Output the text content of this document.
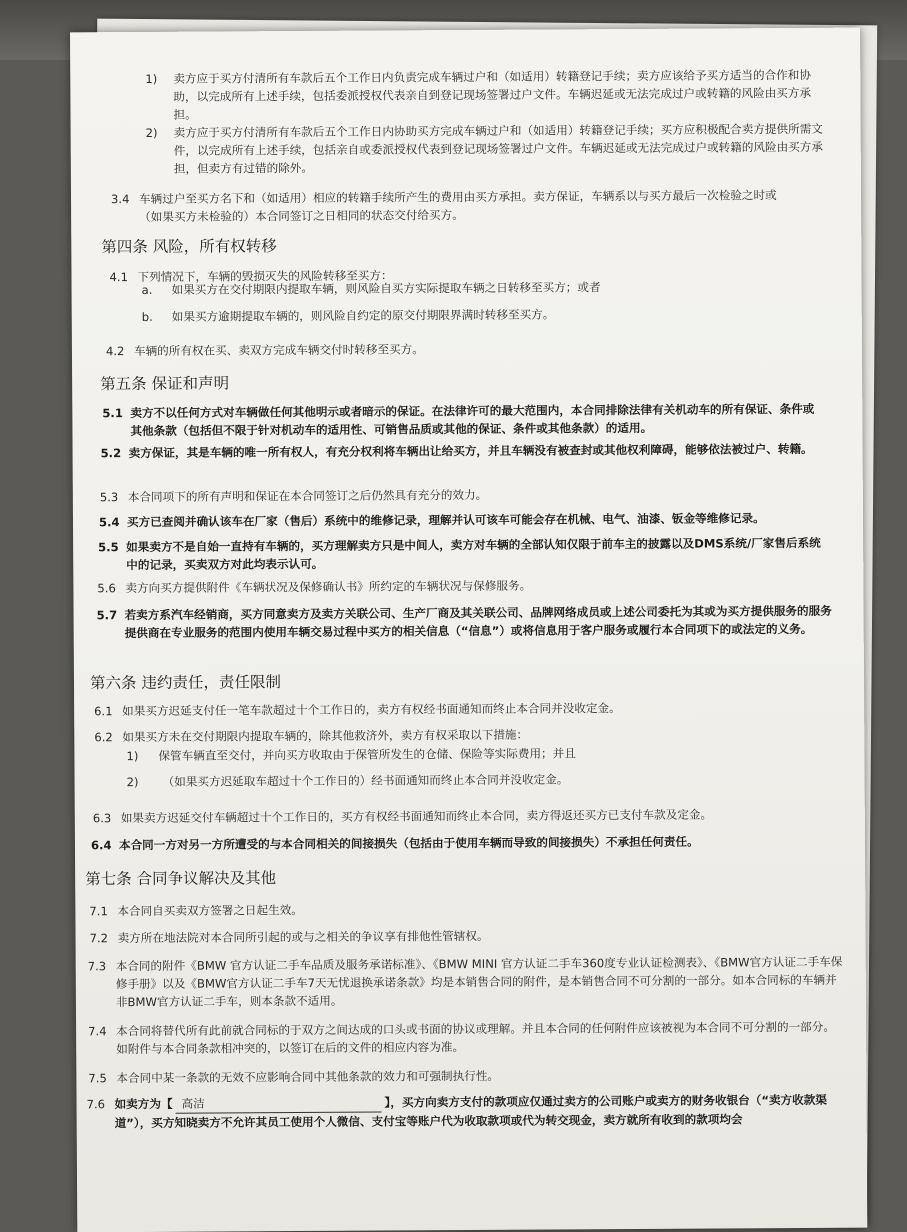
1) 卖方应于买方付清所有车款后五个工作日内负责完成车辆过户和（如适用）转籍登记手续；卖方应该给予买方适当的合作和协助，以完成所有上述手续，包括委派授权代表亲自到登记现场签署过户文件。车辆迟延或无法完成过户或转籍的风险由买方承担。
2) 卖方应于买方付清所有车款后五个工作日内协助买方完成车辆过户和（如适用）转籍登记手续；买方应积极配合卖方提供所需文件，以完成所有上述手续，包括亲自或委派授权代表到登记现场签署过户文件。车辆迟延或无法完成过户或转籍的风险由买方承担，但卖方有过错的除外。
3.4 车辆过户至买方名下和（如适用）相应的转籍手续所产生的费用由买方承担。卖方保证，车辆系以与买方最后一次检验之时或（如果买方未检验的）本合同签订之日相同的状态交付给买方。
第四条 风险，所有权转移
4.1 下列情况下，车辆的毁损灭失的风险转移至买方：
a. 如果买方在交付期限内提取车辆，则风险自买方实际提取车辆之日转移至买方；或者
b. 如果买方逾期提取车辆的，则风险自约定的原交付期限界满时转移至买方。
4.2 车辆的所有权在买、卖双方完成车辆交付时转移至买方。
第五条 保证和声明
5.1 卖方不以任何方式对车辆做任何其他明示或者暗示的保证。在法律许可的最大范围内，本合同排除法律有关机动车的所有保证、条件或其他条款（包括但不限于针对机动车的适用性、可销售品质或其他的保证、条件或其他条款）的适用。
5.2 卖方保证，其是车辆的唯一所有权人，有充分权利将车辆出让给买方，并且车辆没有被查封或其他权利障碍，能够依法被过户、转籍。
5.3 本合同项下的所有声明和保证在本合同签订之后仍然具有充分的效力。
5.4 买方已查阅并确认该车在厂家（售后）系统中的维修记录，理解并认可该车可能会存在机械、电气、油漆、钣金等维修记录。
5.5 如果卖方不是自始一直持有车辆的，买方理解卖方只是中间人，卖方对车辆的全部认知仅限于前车主的披露以及DMS系统/厂家售后系统中的记录，买卖双方对此均表示认可。
5.6 卖方向买方提供附件《车辆状况及保修确认书》所约定的车辆状况与保修服务。
5.7 若卖方系汽车经销商，买方同意卖方及卖方关联公司、生产厂商及其关联公司、品牌网络成员或上述公司委托为其或为买方提供服务的服务提供商在专业服务的范围内使用车辆交易过程中买方的相关信息（“信息”）或将信息用于客户服务或履行本合同项下的或法定的义务。
第六条 违约责任，责任限制
6.1 如果买方迟延支付任一笔车款超过十个工作日的，卖方有权经书面通知而终止本合同并没收定金。
6.2 如果买方未在交付期限内提取车辆的，除其他救济外，卖方有权采取以下措施：
1) 保管车辆直至交付，并向买方收取由于保管所发生的仓储、保险等实际费用；并且
2) （如果买方迟延取车超过十个工作日的）经书面通知而终止本合同并没收定金。
6.3 如果卖方迟延交付车辆超过十个工作日的，买方有权经书面通知而终止本合同，卖方得返还买方已支付车款及定金。
6.4 本合同一方对另一方所遭受的与本合同相关的间接损失（包括由于使用车辆而导致的间接损失）不承担任何责任。
第七条 合同争议解决及其他
7.1 本合同自买卖双方签署之日起生效。
7.2 卖方所在地法院对本合同所引起的或与之相关的争议享有排他性管辖权。
7.3 本合同的附件《BMW 官方认证二手车品质及服务承诺标准》、《BMW MINI 官方认证二手车360度专业认证检测表》、《BMW官方认证二手车保修手册》以及《BMW官方认证二手车7天无忧退换承诺条款》均是本销售合同的附件，是本销售合同不可分割的一部分。如本合同标的车辆并非BMW官方认证二手车，则本条款不适用。
7.4 本合同将替代所有此前就合同标的于双方之间达成的口头或书面的协议或理解。并且本合同的任何附件应该被视为本合同不可分割的一部分。如附件与本合同条款相冲突的，以签订在后的文件的相应内容为准。
7.5 本合同中某一条款的无效不应影响合同中其他条款的效力和可强制执行性。
7.6 如卖方为【 高洁	】，买方向卖方支付的款项应仅通过卖方的公司账户或卖方的财务收银台（“卖方收款渠道”），买方知晓卖方不允许其员工使用个人微信、支付宝等账户代为收取款项或代为转交现金，卖方就所有收到的款项均会
